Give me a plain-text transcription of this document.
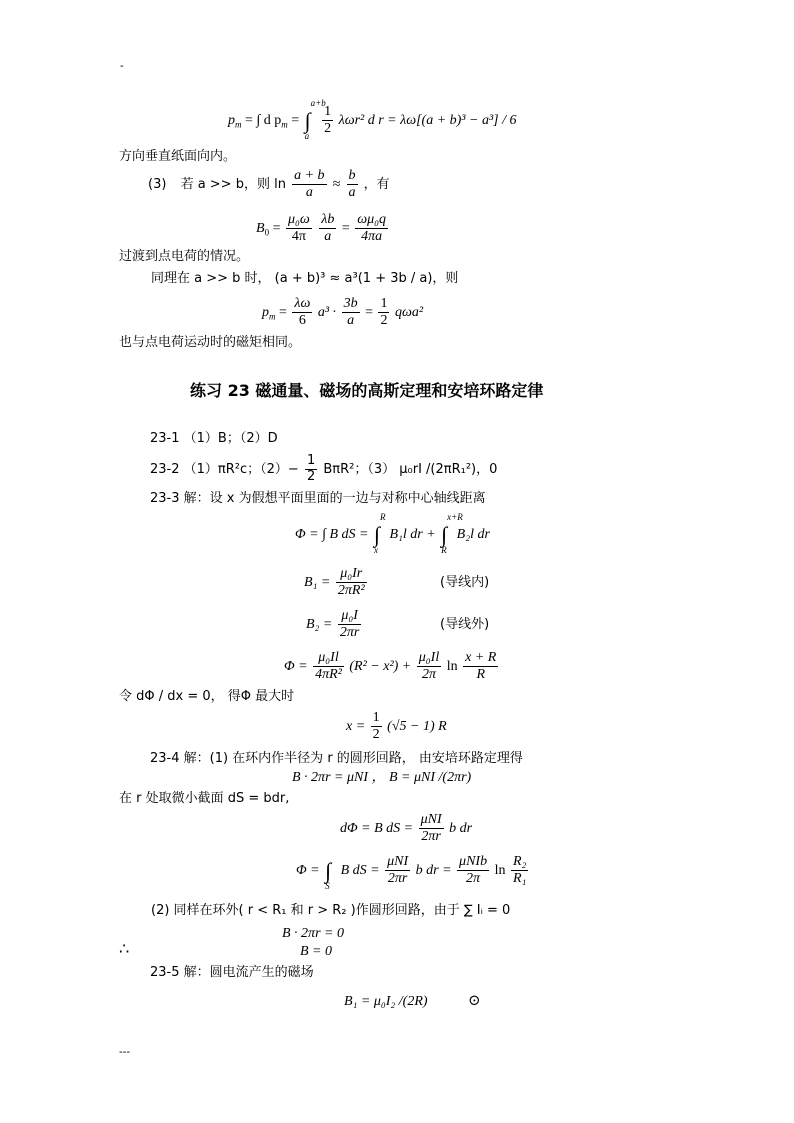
-
$p_m$ = ∫ d $p_m$ = ∫
a+b
a
$\frac{1}{2} \lambda\omega r^2$ d r = λω[(a + b)³ − a³] / 6
方向垂直纸面向内。
(3) 若 a >> b，则 $\ln \frac{a + b}{a} \approx \frac{b}{a}$ ，有
$B_0 = \frac{\text{μ₀ω}}{4\pi}$
$\frac{\lambda b}{a} = \frac{\text{ωμ₀q}}{4\pi a}$
过渡到点电荷的情况。
同理在 a >> b 时， (a + b)³ ≈ a³(1 + 3b / a)，则
$p_m = \frac{\lambda\omega}{6} a^3 \cdot \frac{3b}{a} = \frac{1}{2} q\omega a^2$
也与点电荷运动时的磁矩相同。
练习 23 磁通量、磁场的高斯定理和安培环路定律
23-1 （1）B；（2）D
23-2 （1）πR²c；$(2)- \frac{1}{2} B\pi R^2$；（3） μ₀rI /(2πR₁²)，0
23-3 解：设 x 为假想平面里面的一边与对称中心轴线距离
Φ = ∫ B dS = ∫
R
x
B₁l dr + ∫
x+R
R
B₂l dr
$B_1 = \frac{\text{μ₀Ir}}{\text{2πR²}}$	(导线内)
$B_2 = \frac{\text{μ₀I}}{2\pi r}$	(导线外)
$\Phi = \frac{\text{μ₀Il}}{\text{4πR²}} (R^2 - x^2) + \frac{\text{μ₀Il}}{2\pi}$ $\ln \frac{x + R}{R}$
令 dΦ / dx = 0， 得Φ 最大时
$x = \frac{1}{2} (√5 - 1)$ R
23-4 解：(1) 在环内作半径为 r 的圆形回路， 由安培环路定理得
B · 2πr = μNI ， B = μNI /(2πr)
在 r 处取微小截面 dS = bdr,
dΦ = B dS = $\frac{\text{μNI}}{2\pi r}$ b dr
Φ = ∫
S
B dS = $\frac{\text{μNI}}{2\pi r}$ b dr = $\frac{\text{μNIb}}{2\pi}$ $\ln \frac{\text{R₂}}{\text{R₁}}$
(2) 同样在环外( r < R₁ 和 r > R₂ )作圆形回路，由于 ∑ Iᵢ = 0
B · 2πr = 0
∴	B = 0
23-5 解：圆电流产生的磁场
B₁ = μ₀I₂ /(2R)	⊙
---
